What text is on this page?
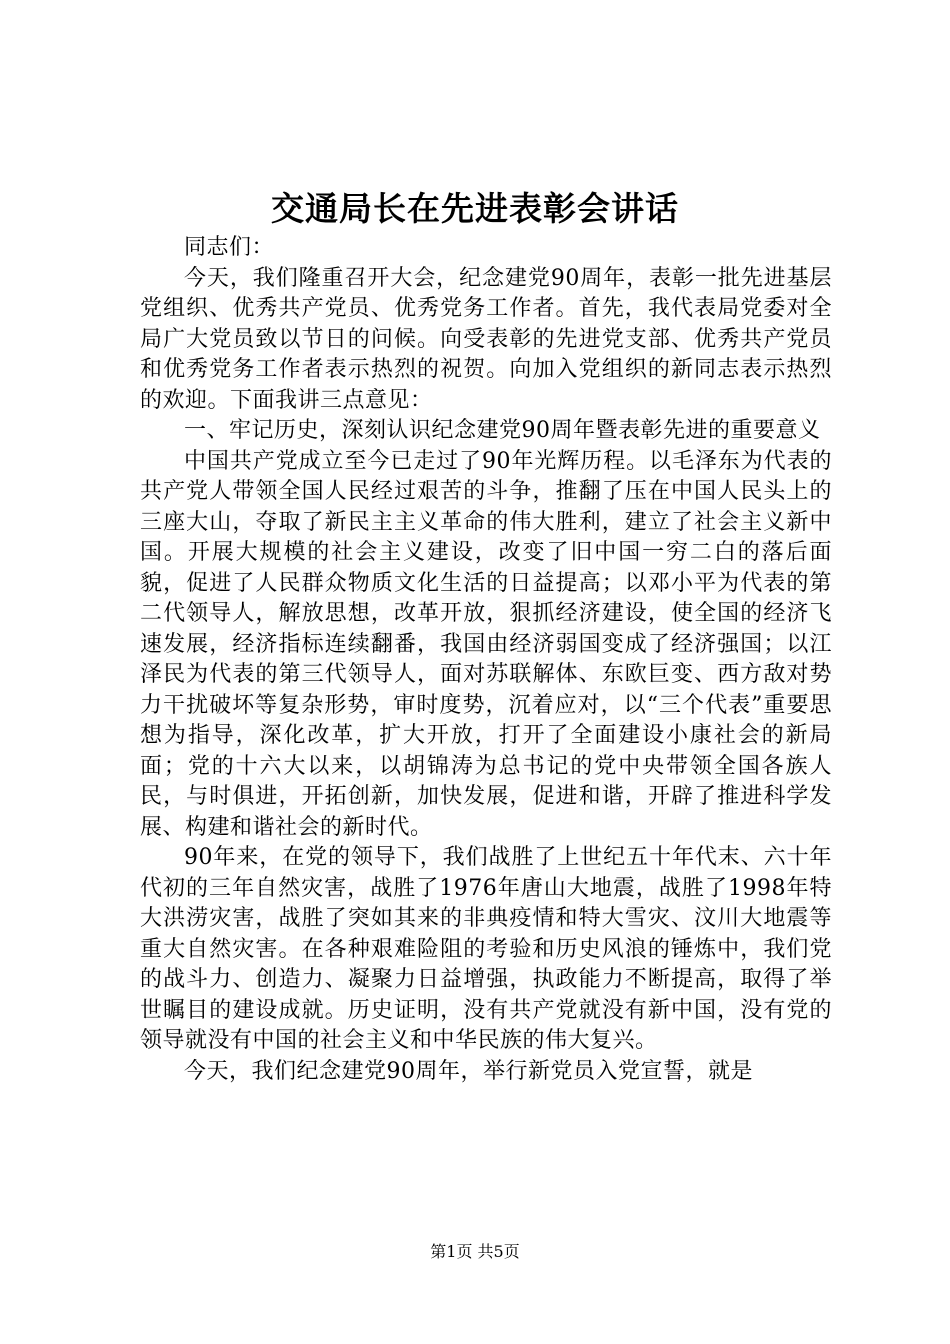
交通局长在先进表彰会讲话

同志们：

今天，我们隆重召开大会，纪念建党90周年，表彰一批先进基层党组织、优秀共产党员、优秀党务工作者。首先，我代表局党委对全局广大党员致以节日的问候。向受表彰的先进党支部、优秀共产党员和优秀党务工作者表示热烈的祝贺。向加入党组织的新同志表示热烈的欢迎。下面我讲三点意见：

一、牢记历史，深刻认识纪念建党90周年暨表彰先进的重要意义

中国共产党成立至今已走过了90年光辉历程。以毛泽东为代表的共产党人带领全国人民经过艰苦的斗争，推翻了压在中国人民头上的三座大山，夺取了新民主主义革命的伟大胜利，建立了社会主义新中国。开展大规模的社会主义建设，改变了旧中国一穷二白的落后面貌，促进了人民群众物质文化生活的日益提高；以邓小平为代表的第二代领导人，解放思想，改革开放，狠抓经济建设，使全国的经济飞速发展，经济指标连续翻番，我国由经济弱国变成了经济强国；以江泽民为代表的第三代领导人，面对苏联解体、东欧巨变、西方敌对势力干扰破坏等复杂形势，审时度势，沉着应对，以“三个代表”重要思想为指导，深化改革，扩大开放，打开了全面建设小康社会的新局面；党的十六大以来，以胡锦涛为总书记的党中央带领全国各族人民，与时俱进，开拓创新，加快发展，促进和谐，开辟了推进科学发展、构建和谐社会的新时代。

90年来，在党的领导下，我们战胜了上世纪五十年代末、六十年代初的三年自然灾害，战胜了1976年唐山大地震，战胜了1998年特大洪涝灾害，战胜了突如其来的非典疫情和特大雪灾、汶川大地震等重大自然灾害。在各种艰难险阻的考验和历史风浪的锤炼中，我们党的战斗力、创造力、凝聚力日益增强，执政能力不断提高，取得了举世瞩目的建设成就。历史证明，没有共产党就没有新中国，没有党的领导就没有中国的社会主义和中华民族的伟大复兴。

今天，我们纪念建党90周年，举行新党员入党宣誓，就是

第1页 共5页
